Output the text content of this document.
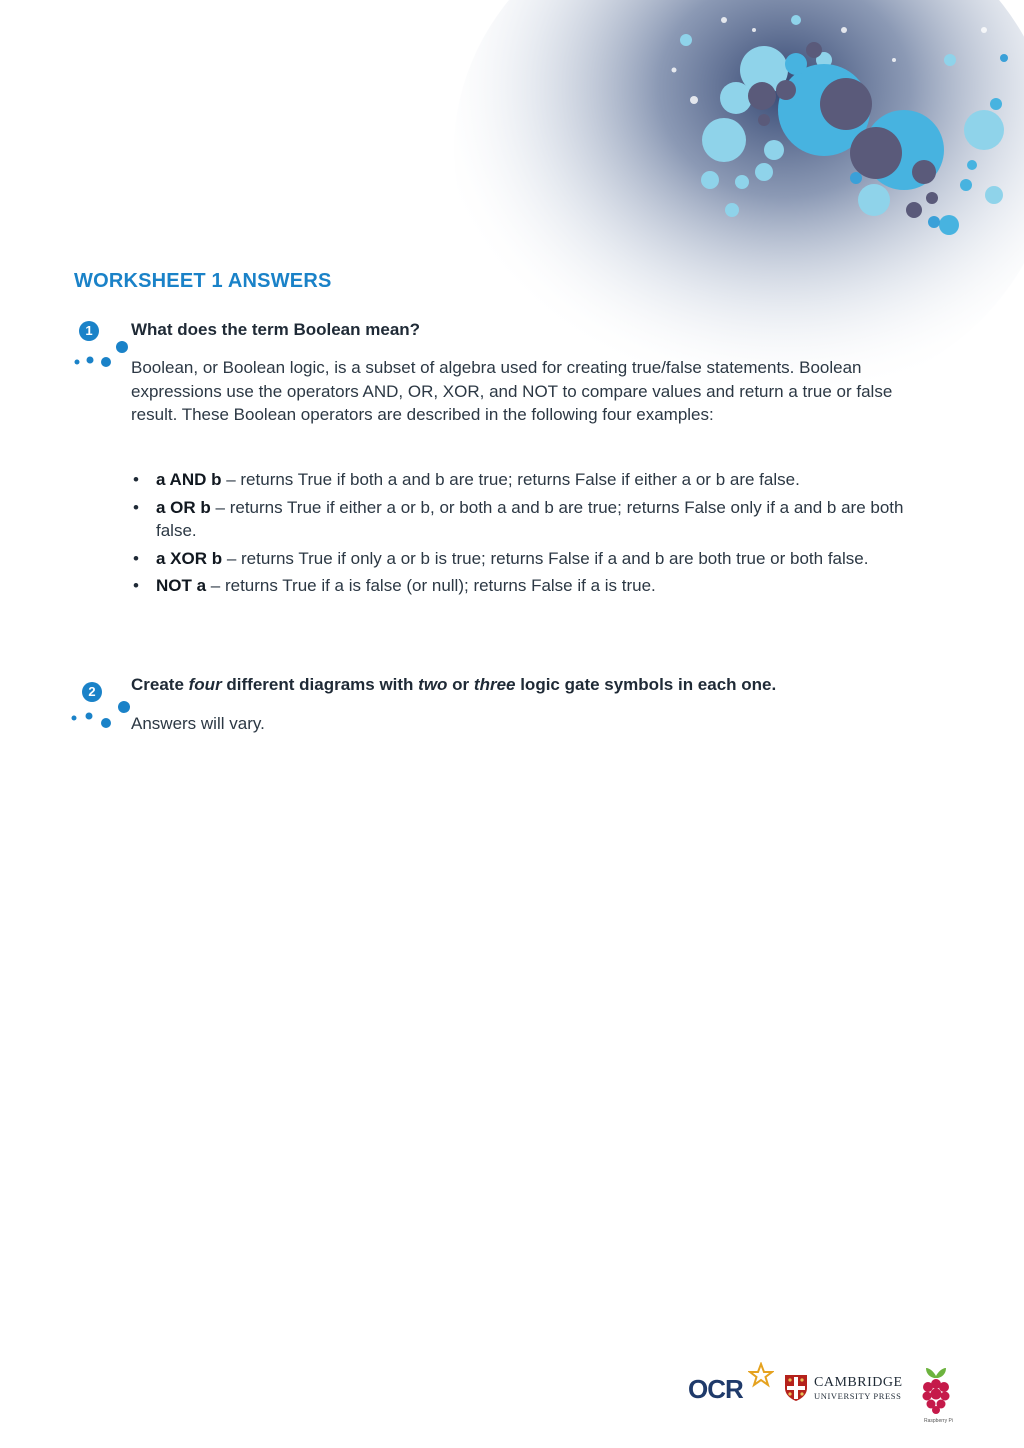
WORKSHEET 1 ANSWERS
1	What does the term Boolean mean?

Boolean, or Boolean logic, is a subset of algebra used for creating true/false statements. Boolean expressions use the operators AND, OR, XOR, and NOT to compare values and return a true or false result. These Boolean operators are described in the following four examples:

• a AND b – returns True if both a and b are true; returns False if either a or b are false.
• a OR b – returns True if either a or b, or both a and b are true; returns False only if a and b are both false.
• a XOR b – returns True if only a or b is true; returns False if a and b are both true or both false.
• NOT a – returns True if a is false (or null); returns False if a is true.
2	Create four different diagrams with two or three logic gate symbols in each one.

Answers will vary.

OCR	CAMBRIDGE
UNIVERSITY PRESS
Raspberry Pi
